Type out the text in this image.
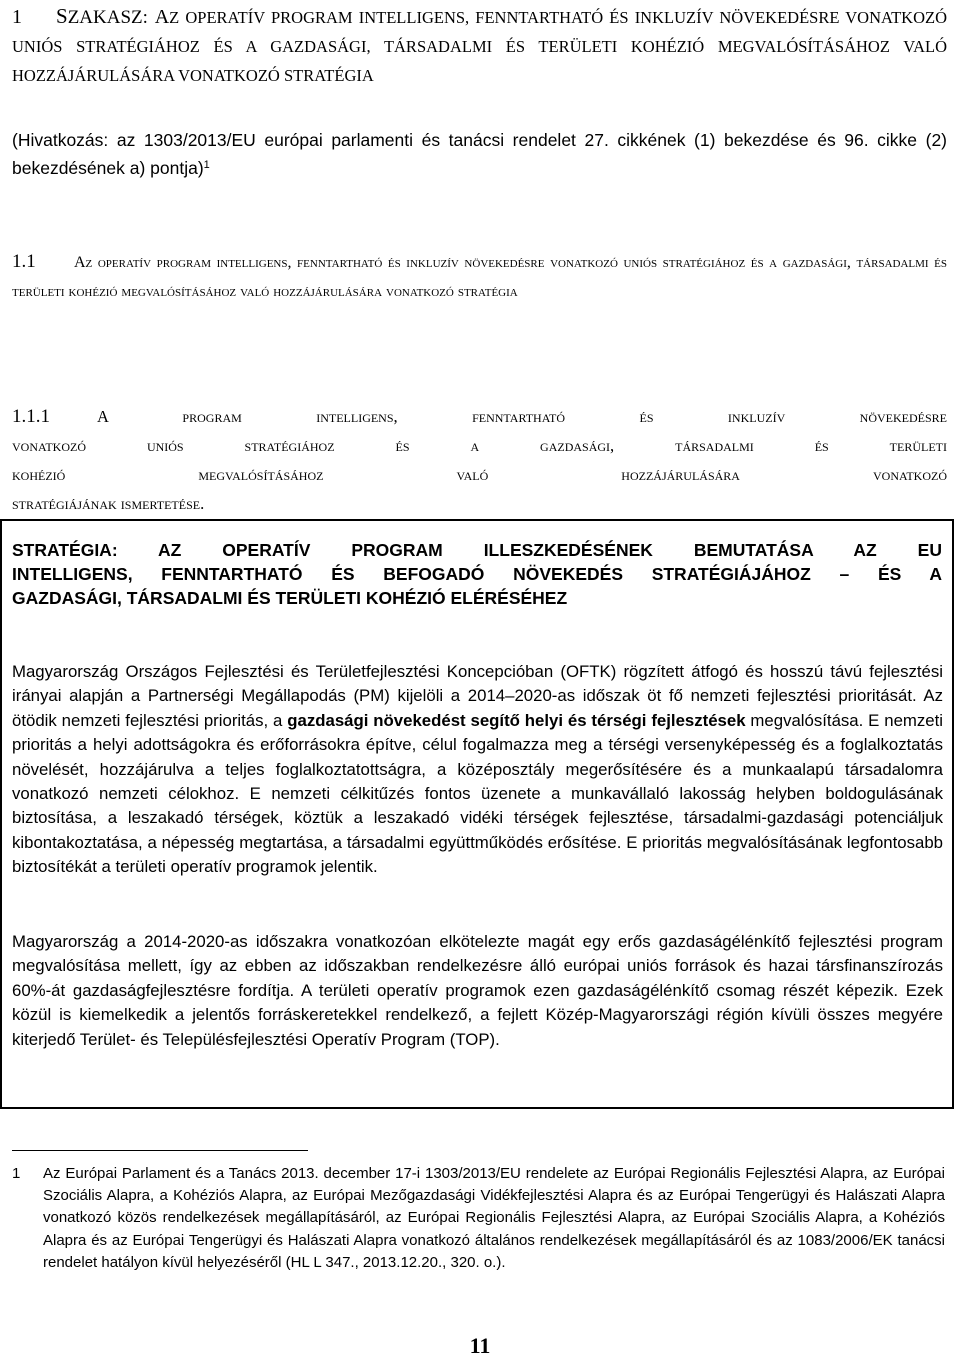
1 SZAKASZ: AZ OPERATÍV PROGRAM INTELLIGENS, FENNTARTHATÓ ÉS INKLUZÍV NÖVEKEDÉSRE VONATKOZÓ UNIÓS STRATÉGIÁHOZ ÉS A GAZDASÁGI, TÁRSADALMI ÉS TERÜLETI KOHÉZIÓ MEGVALÓSÍTÁSÁHOZ VALÓ HOZZÁJÁRULÁSÁRA VONATKOZÓ STRATÉGIA
(Hivatkozás: az 1303/2013/EU európai parlamenti és tanácsi rendelet 27. cikkének (1) bekezdése és 96. cikke (2) bekezdésének a) pontja)$^1$
1.1 Az operatív program intelligens, fenntartható és inkluzív növekedésre vonatkozó uniós stratégiához és a gazdasági, társadalmi és területi kohézió megvalósításához való hozzájárulására vonatkozó stratégia
1.1.1	A program intelligens, fenntartható és inkluzív növekedésre
vonatkozó uniós stratégiához és a gazdasági, társadalmi és területi
kohézió megvalósításához való hozzájárulására vonatkozó
stratégiájának ismertetése.
STRATÉGIA: AZ OPERATÍV PROGRAM ILLESZKEDÉSÉNEK BEMUTATÁSA AZ EU
INTELLIGENS, FENNTARTHATÓ ÉS BEFOGADÓ NÖVEKEDÉS STRATÉGIÁJÁHOZ – ÉS A
GAZDASÁGI, TÁRSADALMI ÉS TERÜLETI KOHÉZIÓ ELÉRÉSÉHEZ
Magyarország Országos Fejlesztési és Területfejlesztési Koncepcióban (OFTK) rögzített átfogó és hosszú távú fejlesztési irányai alapján a Partnerségi Megállapodás (PM) kijelöli a 2014–2020-as időszak öt fő nemzeti fejlesztési prioritását. Az ötödik nemzeti fejlesztési prioritás, a gazdasági növekedést segítő helyi és térségi fejlesztések megvalósítása. E nemzeti prioritás a helyi adottságokra és erőforrásokra építve, célul fogalmazza meg a térségi versenyképesség és a foglalkoztatás növelését, hozzájárulva a teljes foglalkoztatottságra, a középosztály megerősítésére és a munkaalapú társadalomra vonatkozó nemzeti célokhoz. E nemzeti célkitűzés fontos üzenete a munkavállaló lakosság helyben boldogulásának biztosítása, a leszakadó térségek, köztük a leszakadó vidéki térségek fejlesztése, társadalmi-gazdasági potenciáljuk kibontakoztatása, a népesség megtartása, a társadalmi együttműködés erősítése. E prioritás megvalósításának legfontosabb biztosítékát a területi operatív programok jelentik.
Magyarország a 2014-2020-as időszakra vonatkozóan elkötelezte magát egy erős gazdaságélénkítő fejlesztési program megvalósítása mellett, így az ebben az időszakban rendelkezésre álló európai uniós források és hazai társfinanszírozás 60%-át gazdaságfejlesztésre fordítja. A területi operatív programok ezen gazdaságélénkítő csomag részét képezik. Ezek közül is kiemelkedik a jelentős forráskeretekkel rendelkező, a fejlett Közép-Magyarországi régión kívüli összes megyére kiterjedő Terület- és Településfejlesztési Operatív Program (TOP).
1 Az Európai Parlament és a Tanács 2013. december 17-i 1303/2013/EU rendelete az Európai Regionális Fejlesztési Alapra, az Európai Szociális Alapra, a Kohéziós Alapra, az Európai Mezőgazdasági Vidékfejlesztési Alapra és az Európai Tengerügyi és Halászati Alapra vonatkozó közös rendelkezések megállapításáról, az Európai Regionális Fejlesztési Alapra, az Európai Szociális Alapra, a Kohéziós Alapra és az Európai Tengerügyi és Halászati Alapra vonatkozó általános rendelkezések megállapításáról és az 1083/2006/EK tanácsi rendelet hatályon kívül helyezéséről (HL L 347., 2013.12.20., 320. o.).
11
